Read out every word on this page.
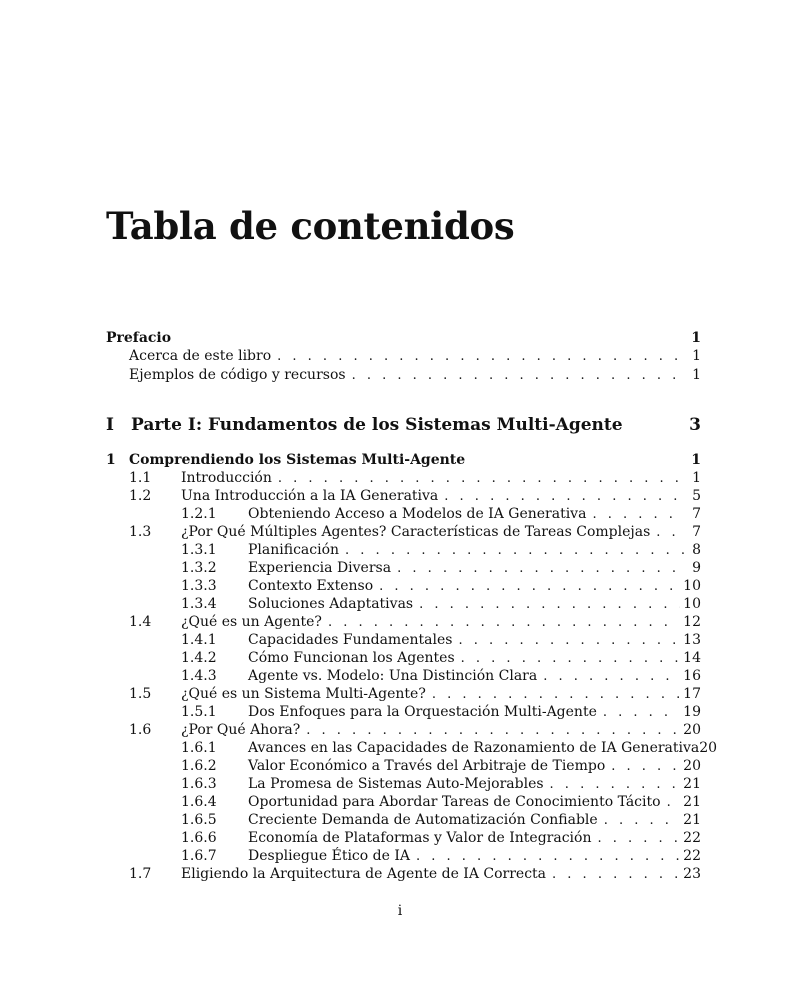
Tabla de contenidos
Prefacio	1
Acerca de este libro . . .	1
Ejemplos de código y recursos . . .	1
I	Parte I: Fundamentos de los Sistemas Multi-Agente	3
1 Comprendiendo los Sistemas Multi-Agente	1
1.1	Introducción . . .	1
1.2	Una Introducción a la IA Generativa . . .	5
1.2.1	Obteniendo Acceso a Modelos de IA Generativa . . .	7
1.3	¿Por Qué Múltiples Agentes? Características de Tareas Complejas . . .	7
1.3.1	Planificación . . .	8
1.3.2	Experiencia Diversa . . .	9
1.3.3	Contexto Extenso . . .	10
1.3.4	Soluciones Adaptativas . . .	10
1.4	¿Qué es un Agente? . . .	12
1.4.1	Capacidades Fundamentales . . .	13
1.4.2	Cómo Funcionan los Agentes . . .	14
1.4.3	Agente vs. Modelo: Una Distinción Clara . . .	16
1.5	¿Qué es un Sistema Multi-Agente? . . .	17
1.5.1	Dos Enfoques para la Orquestación Multi-Agente . . .	19
1.6	¿Por Qué Ahora? . . .	20
1.6.1	Avances en las Capacidades de Razonamiento de IA Generativa 20
1.6.2	Valor Económico a Través del Arbitraje de Tiempo . . .	20
1.6.3	La Promesa de Sistemas Auto-Mejorables . . .	21
1.6.4	Oportunidad para Abordar Tareas de Conocimiento Tácito . . . 21
1.6.5	Creciente Demanda de Automatización Confiable . . .	21
1.6.6	Economía de Plataformas y Valor de Integración . . .	22
1.6.7	Despliegue Ético de IA . . .	22
1.7	Eligiendo la Arquitectura de Agente de IA Correcta . . .	23
i
